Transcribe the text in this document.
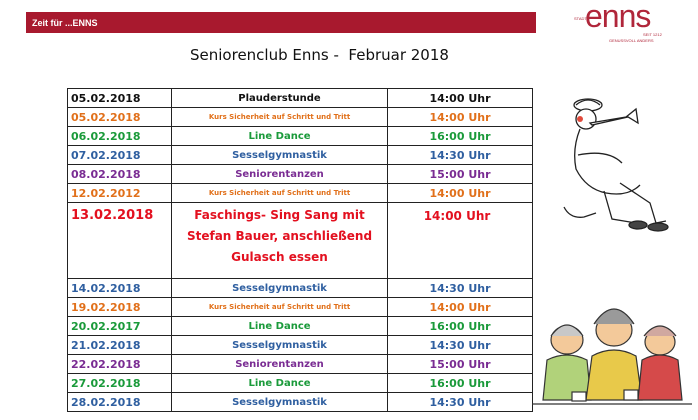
Zeit für ...ENNS	STADT
enns
SEIT 1212
GENUSSVOLL ANDERS
Seniorenclub Enns -  Februar 2018
05.02.2018	Plauderstunde	14:00 Uhr
05.02.2018	Kurs Sicherheit auf Schritt und Tritt	14:00 Uhr
06.02.2018	Line Dance	16:00 Uhr
07.02.2018	Sesselgymnastik	14:30 Uhr
08.02.2018	Seniorentanzen	15:00 Uhr
12.02.2012	Kurs Sicherheit auf Schritt und Tritt	14:00 Uhr
13.02.2018	Faschings- Sing Sang mit Stefan Bauer, anschließend Gulasch essen	14:00 Uhr
14.02.2018	Sesselgymnastik	14:30 Uhr
19.02.2018	Kurs Sicherheit auf Schritt und Tritt	14:00 Uhr
20.02.2017	Line Dance	16:00 Uhr
21.02.2018	Sesselgymnastik	14:30 Uhr
22.02.2018	Seniorentanzen	15:00 Uhr
27.02.2018	Line Dance	16:00 Uhr
28.02.2018	Sesselgymnastik	14:30 Uhr
